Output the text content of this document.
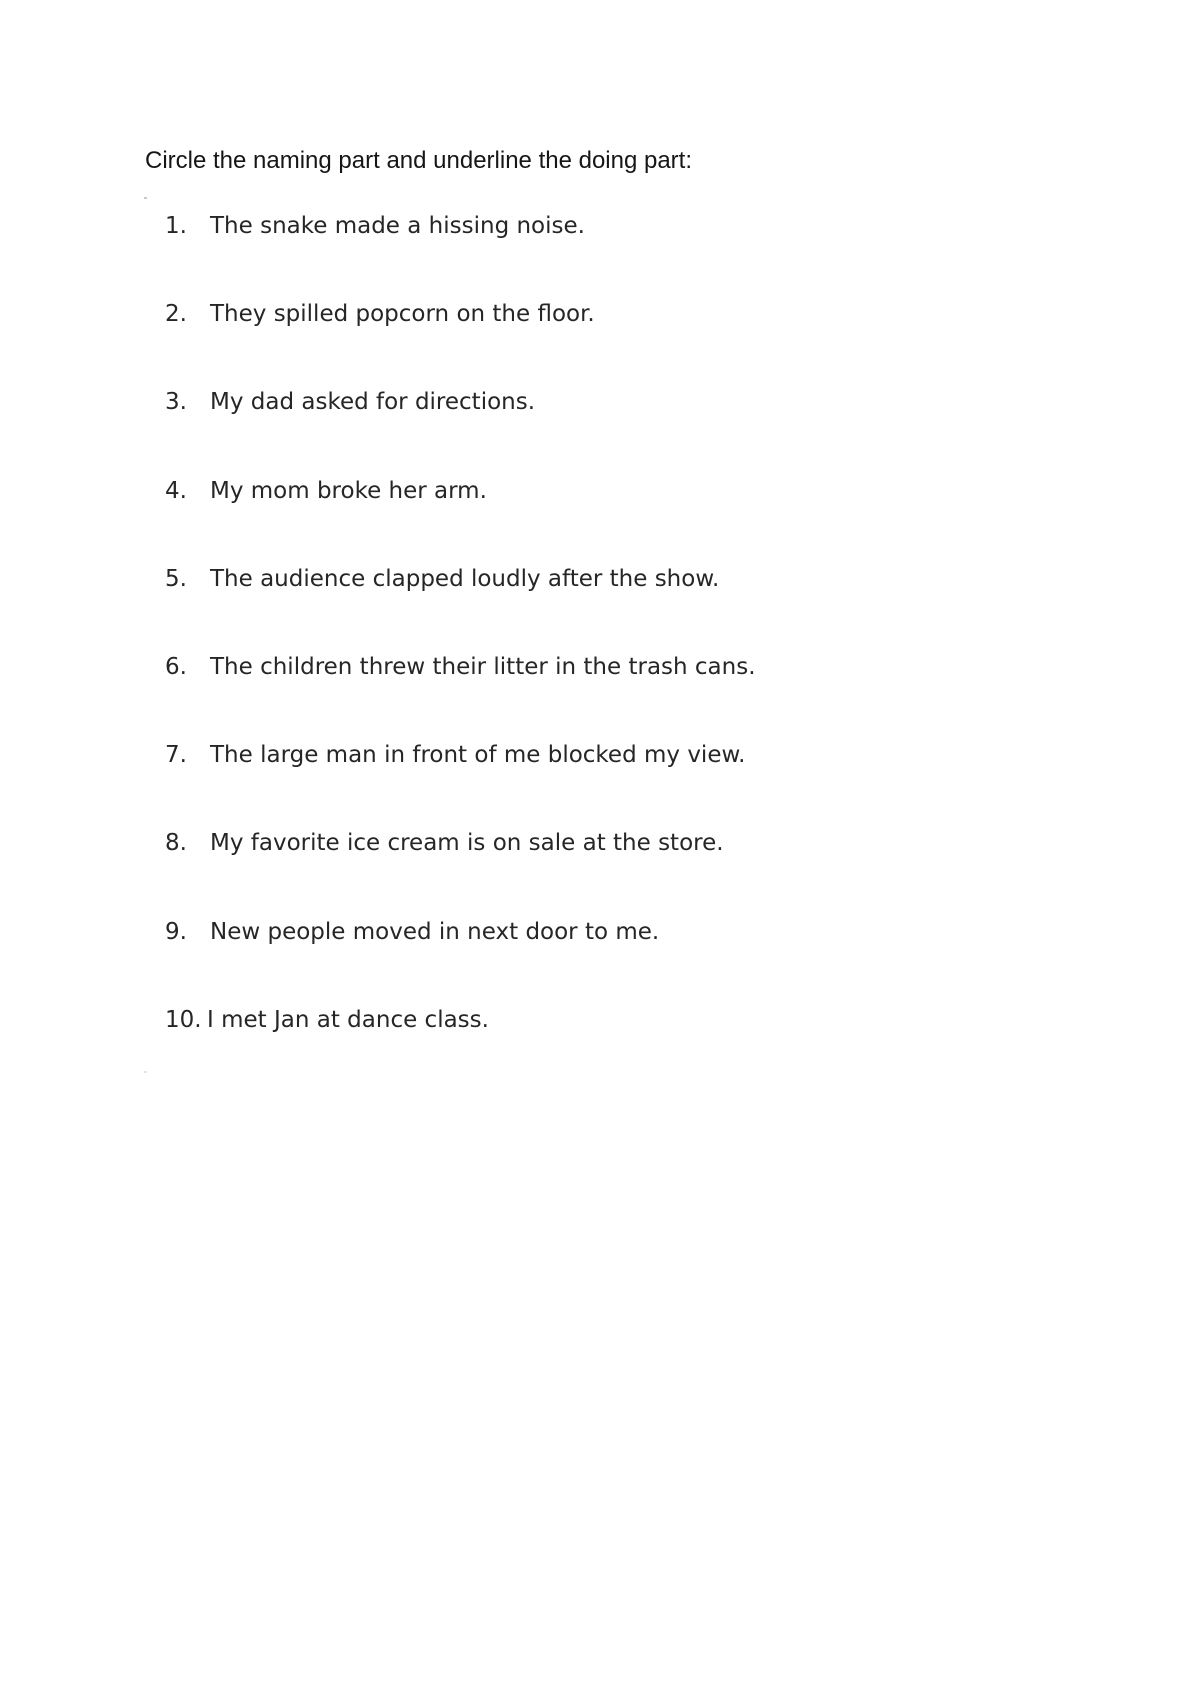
Circle the naming part and underline the doing part:
1.	The snake made a hissing noise.
2.	They spilled popcorn on the floor.
3.	My dad asked for directions.
4.	My mom broke her arm.
5.	The audience clapped loudly after the show.
6.	The children threw their litter in the trash cans.
7.	The large man in front of me blocked my view.
8.	My favorite ice cream is on sale at the store.
9.	New people moved in next door to me.
10. I met Jan at dance class.
